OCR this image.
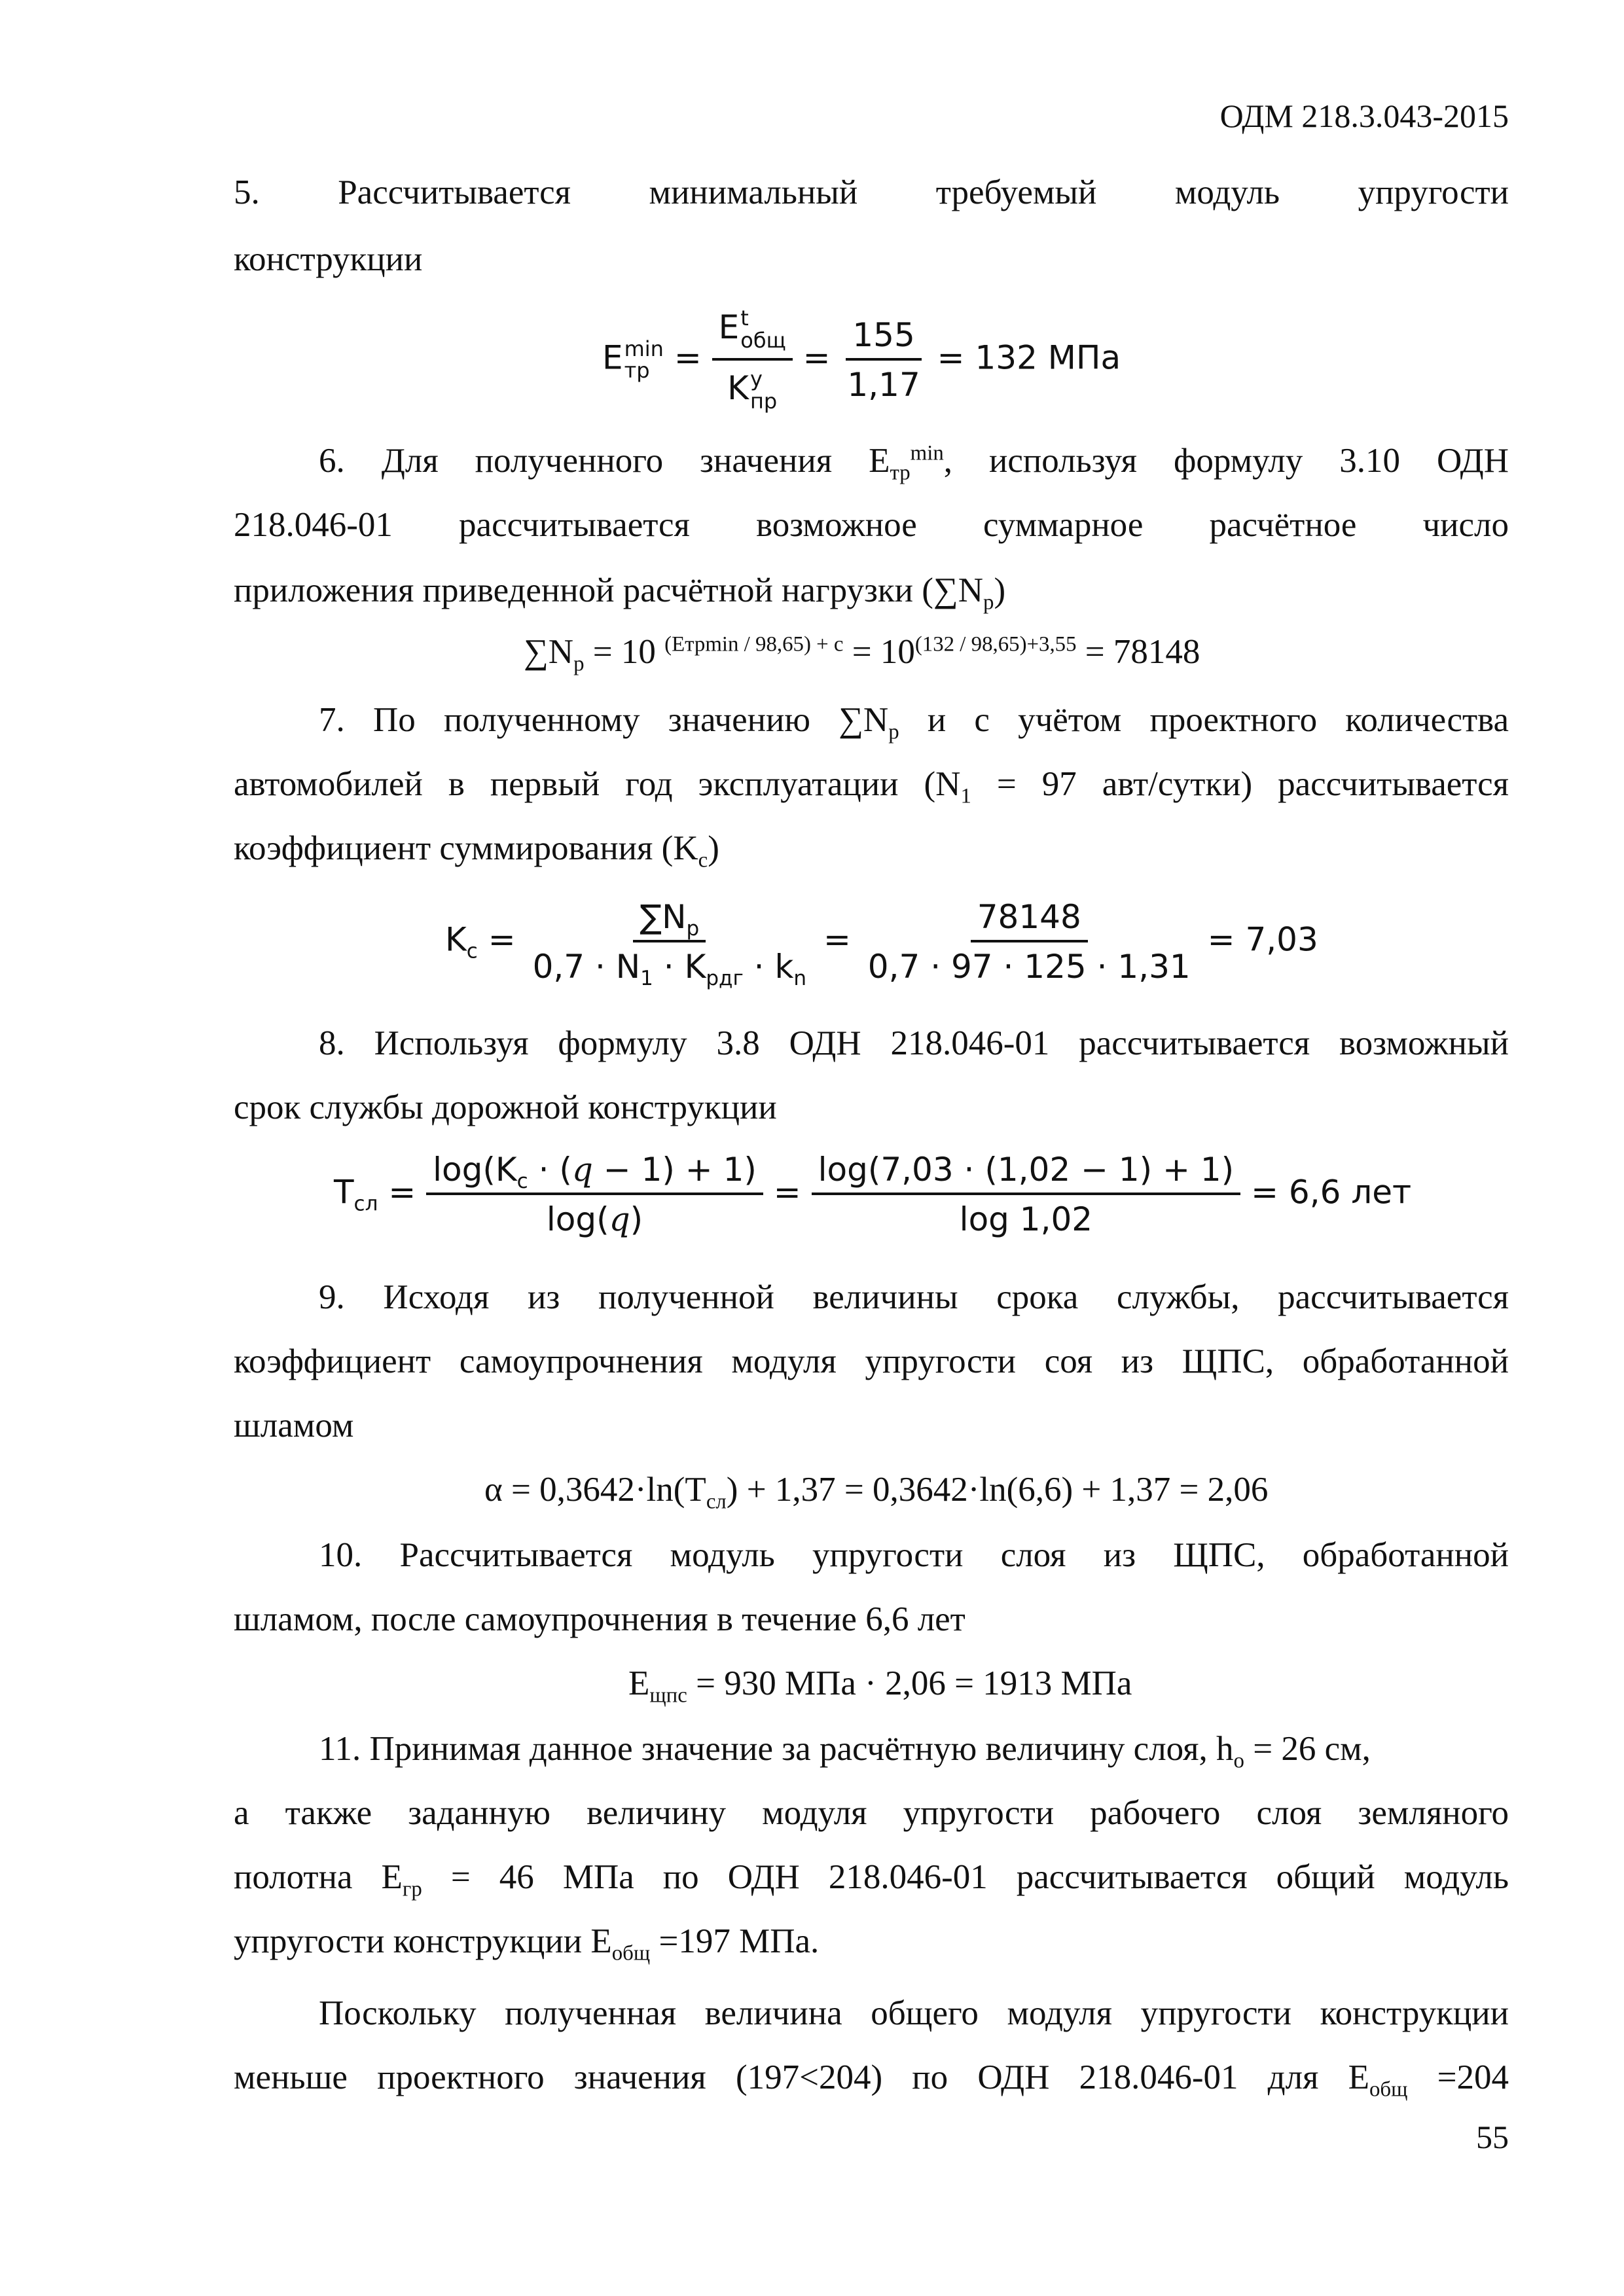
ОДМ 218.3.043-2015
5. Рассчитывается минимальный требуемый модуль упругости
конструкции
E min
тр = E t
общ
K у
пр = $\frac{155}{1,17} = 132$ МПа
6. Для полученного значения $E_{тр}^{min}$, используя формулу 3.10 ОДН
218.046-01 рассчитывается возможное суммарное расчётное число
приложения приведенной расчётной нагрузки $(\sum N_р)$
$\sum N_р = 10$ $^{(Eтрmin / 98,65) + c} = 10^{(132 / 98,65)+3,55} = 78148$
7. По полученному значению $\sum N_р$ и с учётом проектного количества
автомобилей в первый год эксплуатации ($N_1 = 97$ авт/сутки) рассчитывается
коэффициент суммирования $(K_c)$
$K_c = \frac{\sum N_p}{0,7 \cdot N_1 \cdot K_{рдг} \cdot k_n} = \frac{78148}{0,7 \cdot 97 \cdot 125 \cdot 1,31} = 7,03$
8. Используя формулу 3.8 ОДН 218.046-01 рассчитывается возможный
срок службы дорожной конструкции
$T_{сл} = \frac{\log(K_c \cdot (q - 1) + 1)}{\log(q)} = \frac{\log(7,03 \cdot (1,02 - 1) + 1)}{\log 1,02} = 6,6$ лет
9. Исходя из полученной величины срока службы, рассчитывается
коэффициент самоупрочнения модуля упругости соя из ЩПС, обработанной
шламом
$\alpha = 0,3642\cdot\ln(T_{сл}) + 1,37 = 0,3642\cdot\ln(6,6) + 1,37 = 2,06$
10. Рассчитывается модуль упругости слоя из ЩПС, обработанной
шламом, после самоупрочнения в течение 6,6 лет
$E_{щпс} = 930$ МПа · 2,06 = 1913 МПа
11. Принимая данное значение за расчётную величину слоя, $h_o = 26$ см,
а также заданную величину модуля упругости рабочего слоя земляного
полотна $E_{гр} = 46$ МПа по ОДН 218.046-01 рассчитывается общий модуль
упругости конструкции $E_{общ} =197$ МПа.
Поскольку полученная величина общего модуля упругости конструкции
меньше проектного значения (197<204) по ОДН 218.046-01 для $E_{общ} =204$
55
